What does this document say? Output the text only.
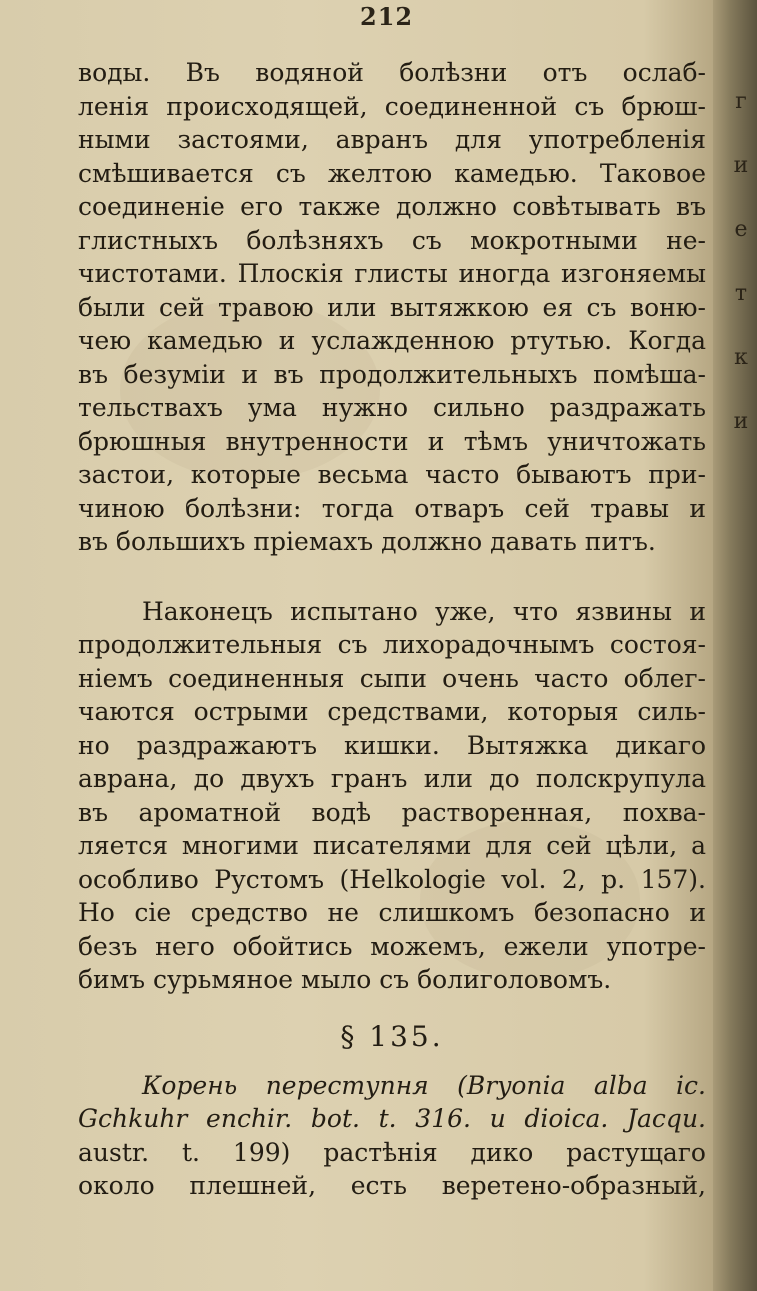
212
воды. Въ водяной болѣзни отъ ослаб-
ленія происходящей, соединенной съ брюш-
ными застоями, авранъ для употребленія
смѣшивается съ желтою камедью. Таковое
соединеніе его также должно совѣтывать въ
глистныхъ болѣзняхъ съ мокротными не-
чистотами. Плоскія глисты иногда изгоняемы
были сей травою или вытяжкою ея съ воню-
чею камедью и услажденною ртутью. Когда
въ безуміи и въ продолжительныхъ помѣша-
тельствахъ ума нужно сильно раздражать
брюшныя внутренности и тѣмъ уничтожать
застои, которые весьма часто бываютъ при-
чиною болѣзни: тогда отваръ сей травы и
въ большихъ пріемахъ должно давать питъ.
Наконецъ испытано уже, что язвины и
продолжительныя съ лихорадочнымъ состоя-
ніемъ соединенныя сыпи очень часто облег-
чаются острыми средствами, которыя силь-
но раздражаютъ кишки. Вытяжка дикаго
аврана, до двухъ гранъ или до полскрупула
въ ароматной водѣ растворенная, похва-
ляется многими писателями для сей цѣли, а
особливо Рустомъ (Helkologie vol. 2, p. 157).
Но сіе средство не слишкомъ безопасно и
безъ него обойтись можемъ, ежели употре-
бимъ сурьмяное мыло съ болиголовомъ.
§ 135.
Корень переступня (Bryonia alba ic.
Gchkuhr enchir. bot. t. 316. и dioica. Jacqu.
austr. t. 199) растѣнія дико растущаго
около плешней, есть веретено-образный,
г
и
е
т
к
и
